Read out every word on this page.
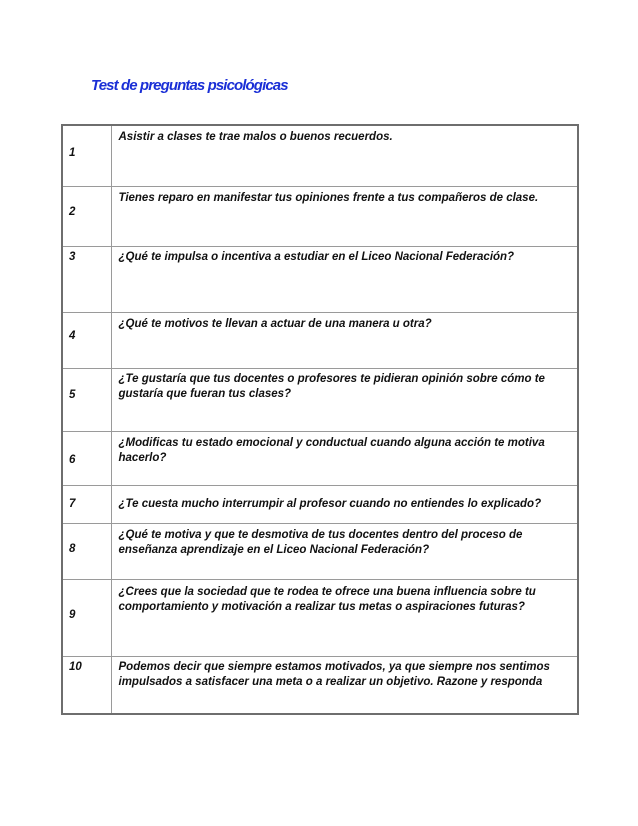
Test de preguntas psicológicas
1	Asistir a clases te trae malos o buenos recuerdos.

2	Tienes reparo en manifestar tus opiniones frente a tus compañeros de clase.

3	¿Qué te impulsa o incentiva a estudiar en el Liceo Nacional Federación?

4	¿Qué te motivos te llevan a actuar de una manera u otra?

5	¿Te gustaría que tus docentes o profesores te pidieran opinión sobre cómo te gustaría que fueran tus clases?

6	¿Modificas tu estado emocional y conductual cuando alguna acción te motiva hacerlo?

7	¿Te cuesta mucho interrumpir al profesor cuando no entiendes lo explicado?

8	¿Qué te motiva y que te desmotiva de tus docentes dentro del proceso de enseñanza aprendizaje en el Liceo Nacional Federación?

9	¿Crees que la sociedad que te rodea te ofrece una buena influencia sobre tu comportamiento y motivación a realizar tus metas o aspiraciones futuras?

10	Podemos decir que siempre estamos motivados, ya que siempre nos sentimos impulsados a satisfacer una meta o a realizar un objetivo. Razone y responda
